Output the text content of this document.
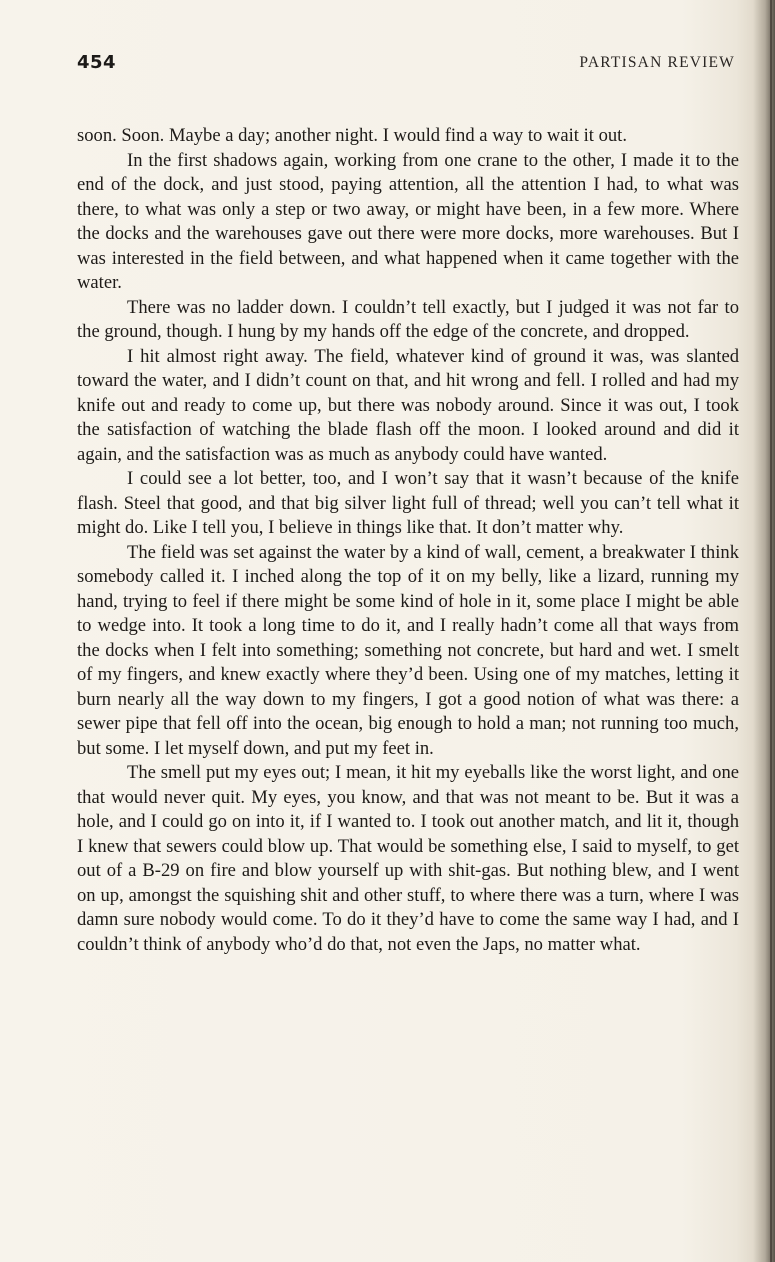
454	PARTISAN REVIEW

soon. Soon. Maybe a day; another night. I would find a way to wait it out.

In the first shadows again, working from one crane to the other, I made it to the end of the dock, and just stood, paying attention, all the attention I had, to what was there, to what was only a step or two away, or might have been, in a few more. Where the docks and the warehouses gave out there were more docks, more warehouses. But I was interested in the field between, and what happened when it came together with the water.

There was no ladder down. I couldn’t tell exactly, but I judged it was not far to the ground, though. I hung by my hands off the edge of the concrete, and dropped.

I hit almost right away. The field, whatever kind of ground it was, was slanted toward the water, and I didn’t count on that, and hit wrong and fell. I rolled and had my knife out and ready to come up, but there was nobody around. Since it was out, I took the satisfaction of watching the blade flash off the moon. I looked around and did it again, and the satisfaction was as much as anybody could have wanted.

I could see a lot better, too, and I won’t say that it wasn’t because of the knife flash. Steel that good, and that big silver light full of thread; well you can’t tell what it might do. Like I tell you, I believe in things like that. It don’t matter why.

The field was set against the water by a kind of wall, cement, a breakwater I think somebody called it. I inched along the top of it on my belly, like a lizard, running my hand, trying to feel if there might be some kind of hole in it, some place I might be able to wedge into. It took a long time to do it, and I really hadn’t come all that ways from the docks when I felt into something; something not concrete, but hard and wet. I smelt of my fingers, and knew exactly where they’d been. Using one of my matches, letting it burn nearly all the way down to my fingers, I got a good notion of what was there: a sewer pipe that fell off into the ocean, big enough to hold a man; not running too much, but some. I let myself down, and put my feet in.

The smell put my eyes out; I mean, it hit my eyeballs like the worst light, and one that would never quit. My eyes, you know, and that was not meant to be. But it was a hole, and I could go on into it, if I wanted to. I took out another match, and lit it, though I knew that sewers could blow up. That would be something else, I said to myself, to get out of a B-29 on fire and blow yourself up with shit-gas. But nothing blew, and I went on up, amongst the squishing shit and other stuff, to where there was a turn, where I was damn sure nobody would come. To do it they’d have to come the same way I had, and I couldn’t think of anybody who’d do that, not even the Japs, no matter what.
